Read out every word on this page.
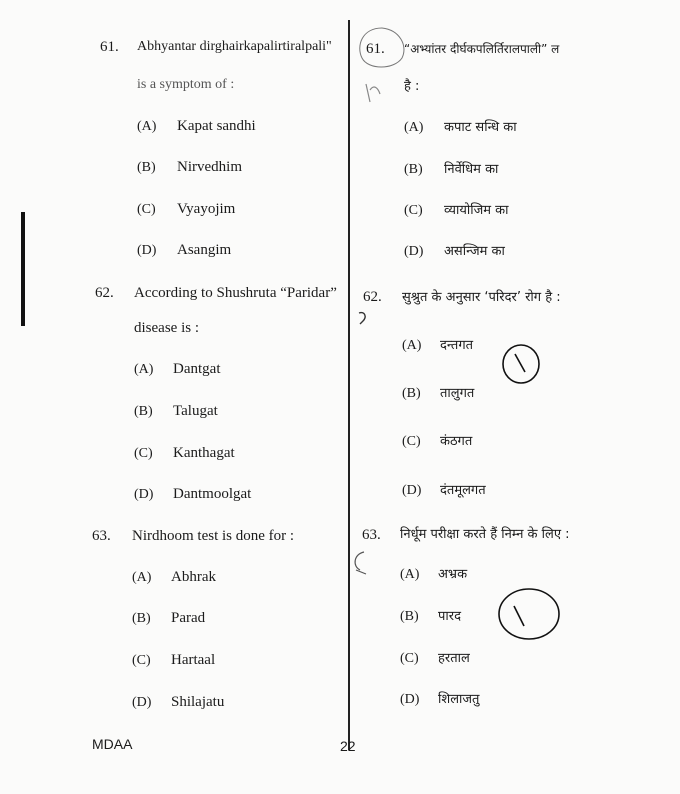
61. Abhyantar dirghairkapalirtiralpali"
is a symptom of :
(A) Kapat sandhi
(B) Nirvedhim
(C) Vyayojim
(D) Asangim
62. According to Shushruta “Paridar”
disease is :
(A) Dantgat
(B) Talugat
(C) Kanthagat
(D) Dantmoolgat
63. Nirdhoom test is done for :
(A) Abhrak
(B) Parad
(C) Hartaal
(D) Shilajatu
61. “अभ्यांतर दीर्घकपलिर्तिरालपाली” ल
है :
(A) कपाट सन्धि का
(B) निर्वेधिम का
(C) व्यायोजिम का
(D) असन्जिम का
62. सुश्रुत के अनुसार ‘परिदर’ रोग है :
(A) दन्तगत
(B) तालुगत
(C) कंठगत
(D) दंतमूलगत
63. निर्धूम परीक्षा करते हैं निम्न के लिए :
(A) अभ्रक
(B) पारद
(C) हरताल
(D) शिलाजतु
MDAA	22
